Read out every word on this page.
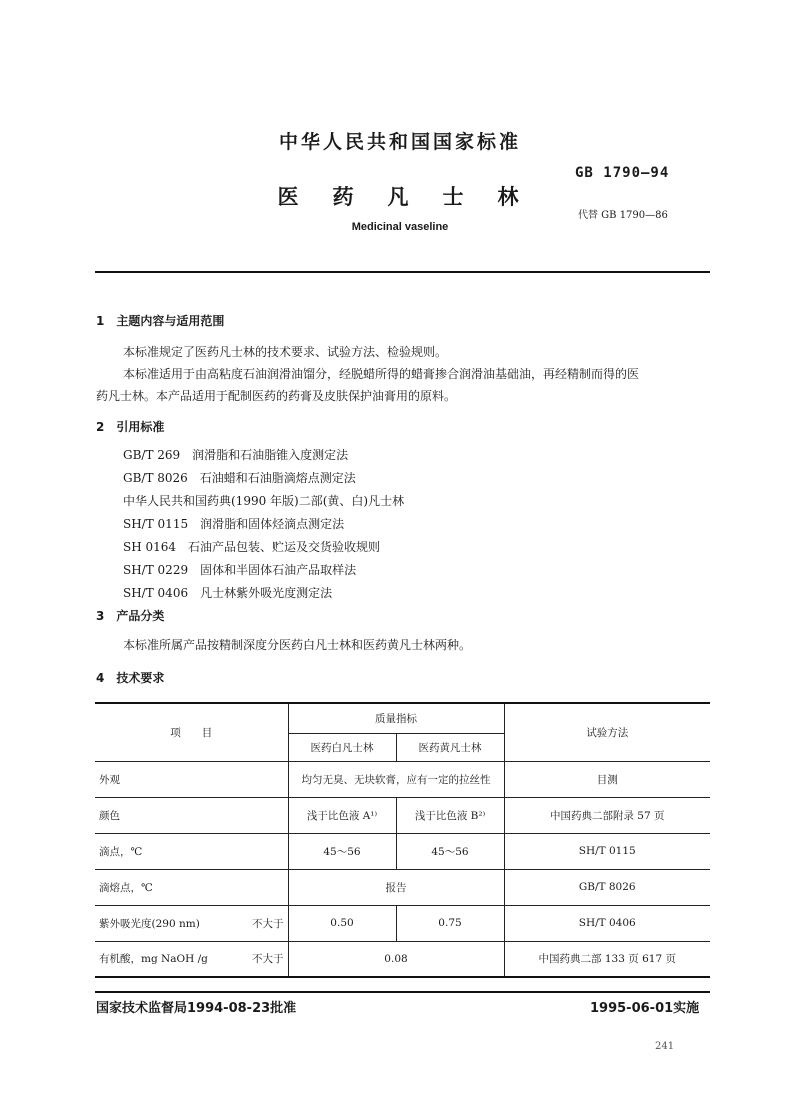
中华人民共和国国家标准
GB 1790—94
医药凡士林
代替 GB 1790—86
Medicinal vaseline
1　主题内容与适用范围
本标准规定了医药凡士林的技术要求、试验方法、检验规则。
本标准适用于由高粘度石油润滑油馏分，经脱蜡所得的蜡膏掺合润滑油基础油，再经精制而得的医
药凡士林。本产品适用于配制医药的药膏及皮肤保护油膏用的原料。
2　引用标准
GB/T 269　润滑脂和石油脂锥入度测定法
GB/T 8026　石油蜡和石油脂滴熔点测定法
中华人民共和国药典(1990 年版)二部(黄、白)凡士林
SH/T 0115　润滑脂和固体烃滴点测定法
SH 0164　石油产品包装、贮运及交货验收规则
SH/T 0229　固体和半固体石油产品取样法
SH/T 0406　凡士林紫外吸光度测定法
3　产品分类
本标准所属产品按精制深度分医药白凡士林和医药黄凡士林两种。
4　技术要求
项　　目	质量指标		试验方法
	医药白凡士林	医药黄凡士林	
外观	均匀无臭、无块软膏，应有一定的拉丝性		目测
颜色	浅于比色液 A¹⁾	浅于比色液 B²⁾	中国药典二部附录 57 页
滴点，℃	45～56	45～56	SH/T 0115
滴熔点，℃	报告		GB/T 8026
紫外吸光度(290 nm) 不大于	0.50	0.75	SH/T 0406
有机酸，mg NaOH /g 不大于	0.08		中国药典二部 133 页 617 页
国家技术监督局1994-08-23批准	1995-06-01实施
241
